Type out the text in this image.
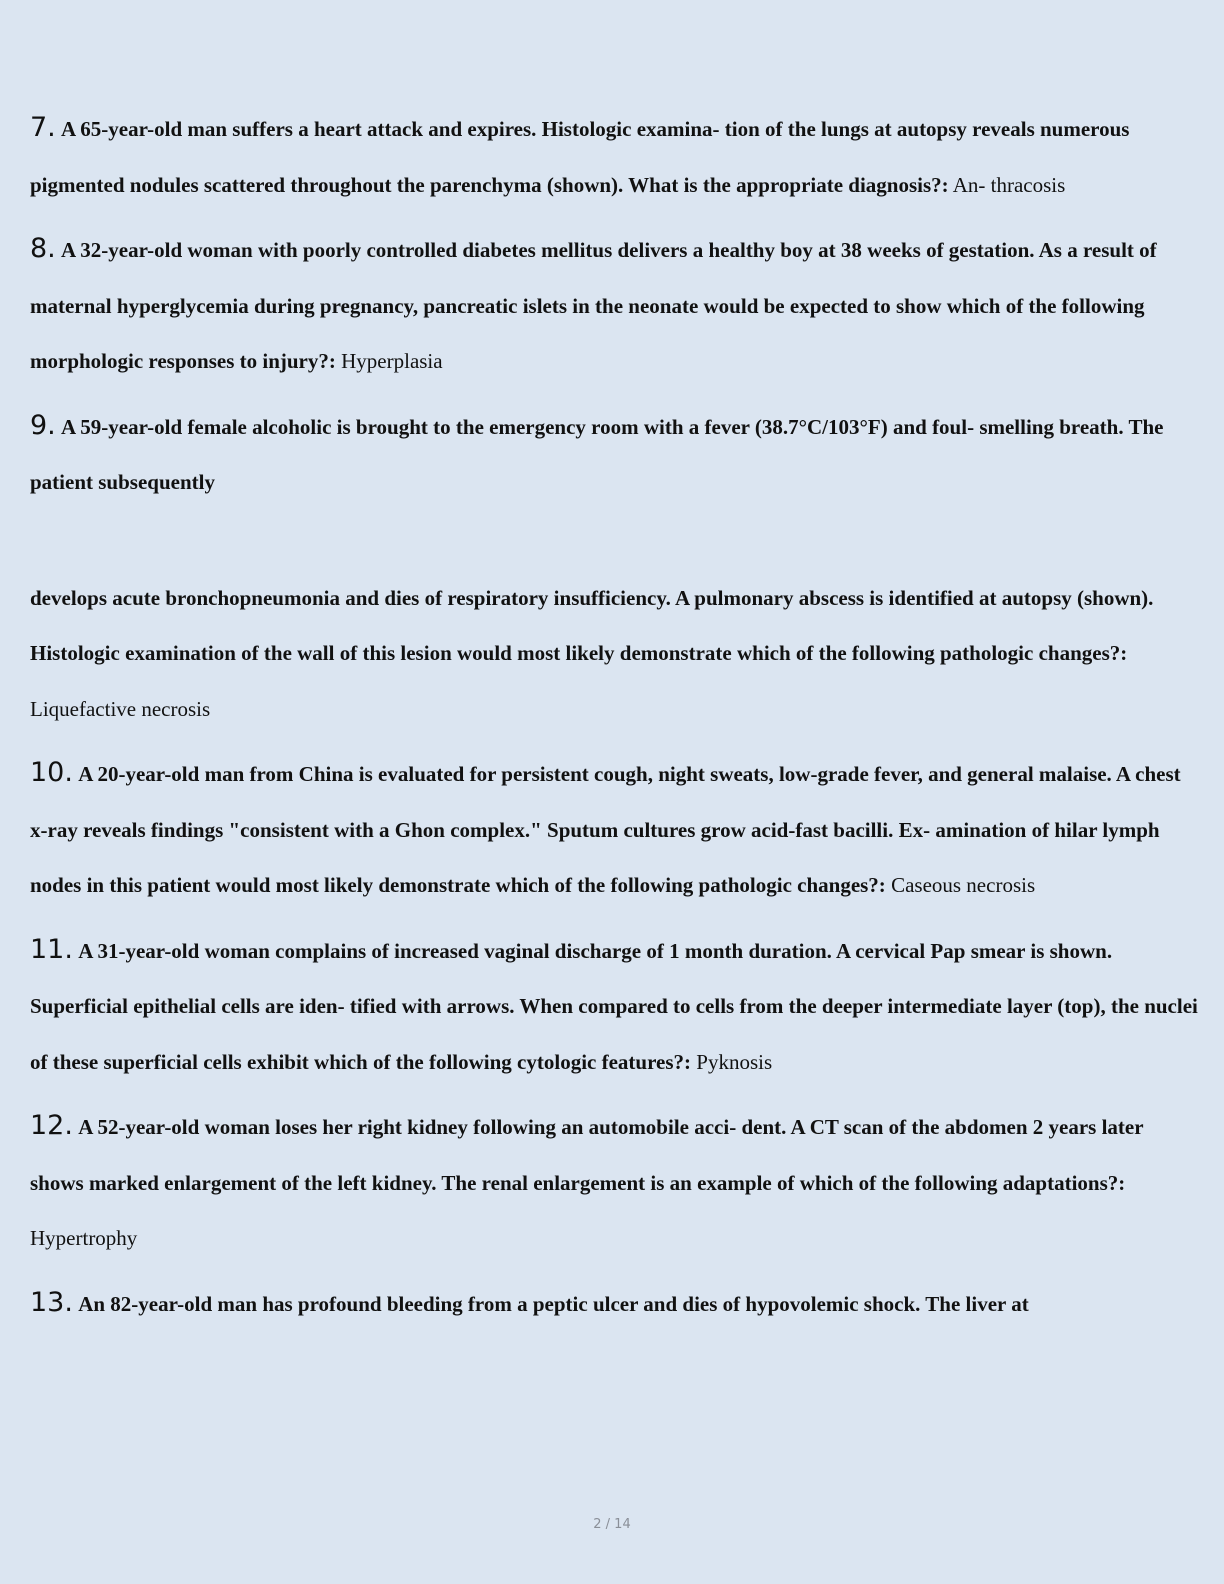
7. A 65-year-old man suffers a heart attack and expires. Histologic examina- tion of the lungs at autopsy reveals numerous pigmented nodules scattered throughout the parenchyma (shown). What is the appropriate diagnosis?: An- thracosis

8. A 32-year-old woman with poorly controlled diabetes mellitus delivers a healthy boy at 38 weeks of gestation. As a result of maternal hyperglycemia during pregnancy, pancreatic islets in the neonate would be expected to show which of the following morphologic responses to injury?: Hyperplasia

9. A 59-year-old female alcoholic is brought to the emergency room with a fever (38.7°C/103°F) and foul- smelling breath. The patient subsequently

develops acute bronchopneumonia and dies of respiratory insufficiency. A pulmonary abscess is identified at autopsy (shown). Histologic examination of the wall of this lesion would most likely demonstrate which of the following pathologic changes?: Liquefactive necrosis

10. A 20-year-old man from China is evaluated for persistent cough, night sweats, low-grade fever, and general malaise. A chest x-ray reveals findings "consistent with a Ghon complex." Sputum cultures grow acid-fast bacilli. Ex- amination of hilar lymph nodes in this patient would most likely demonstrate which of the following pathologic changes?: Caseous necrosis

11. A 31-year-old woman complains of increased vaginal discharge of 1 month duration. A cervical Pap smear is shown. Superficial epithelial cells are iden- tified with arrows. When compared to cells from the deeper intermediate layer (top), the nuclei of these superficial cells exhibit which of the following cytologic features?: Pyknosis

12. A 52-year-old woman loses her right kidney following an automobile acci- dent. A CT scan of the abdomen 2 years later shows marked enlargement of the left kidney. The renal enlargement is an example of which of the following adaptations?: Hypertrophy

13. An 82-year-old man has profound bleeding from a peptic ulcer and dies of hypovolemic shock. The liver at

2 / 14
